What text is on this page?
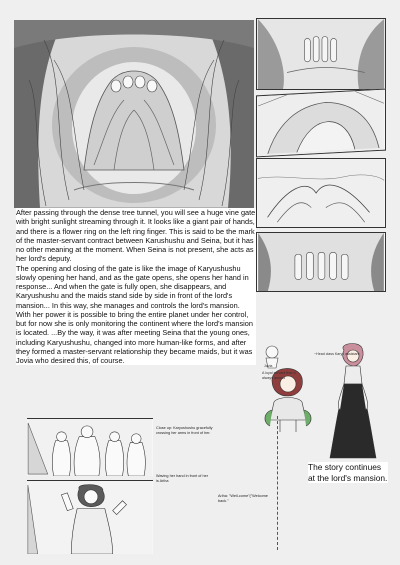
After passing through the dense tree tunnel, you will see a huge vine gate with bright sunlight streaming through it. It looks like a giant pair of hands, and there is a flower ring on the left ring finger. This is said to be the mark of the master-servant contract between Karushushu and Seina, but it has no other meaning at the moment. When Seina is not present, she acts as her lord's deputy.

The opening and closing of the gate is like the image of Karyushushu slowly opening her hand, and as the gate opens, she opens her hand in response... And when the gate is fully open, she disappears, and Karyushushu and the maids stand side by side in front of the lord's mansion... In this way, she manages and controls the lord's mansion.

With her power it is possible to bring the entire planet under her control, but for now she is only monitoring the continent where the lord's mansion is located. ...By the way, it was after meeting Seina that the young ones, including Karyushushu, changed into more human-like forms, and after they formed a master-servant relationship they became maids, but it was Jovia who desired this, of course.

~Head class Karyu assistant
Jovia
A loyal servant that is always around
The story continues at the lord's mansion.
Close up: Karyushushu gracefully crossing her arms in front of her.
Waving her hand in front of her is Ariha
Ariha: "Well-come"("Welcome back."
